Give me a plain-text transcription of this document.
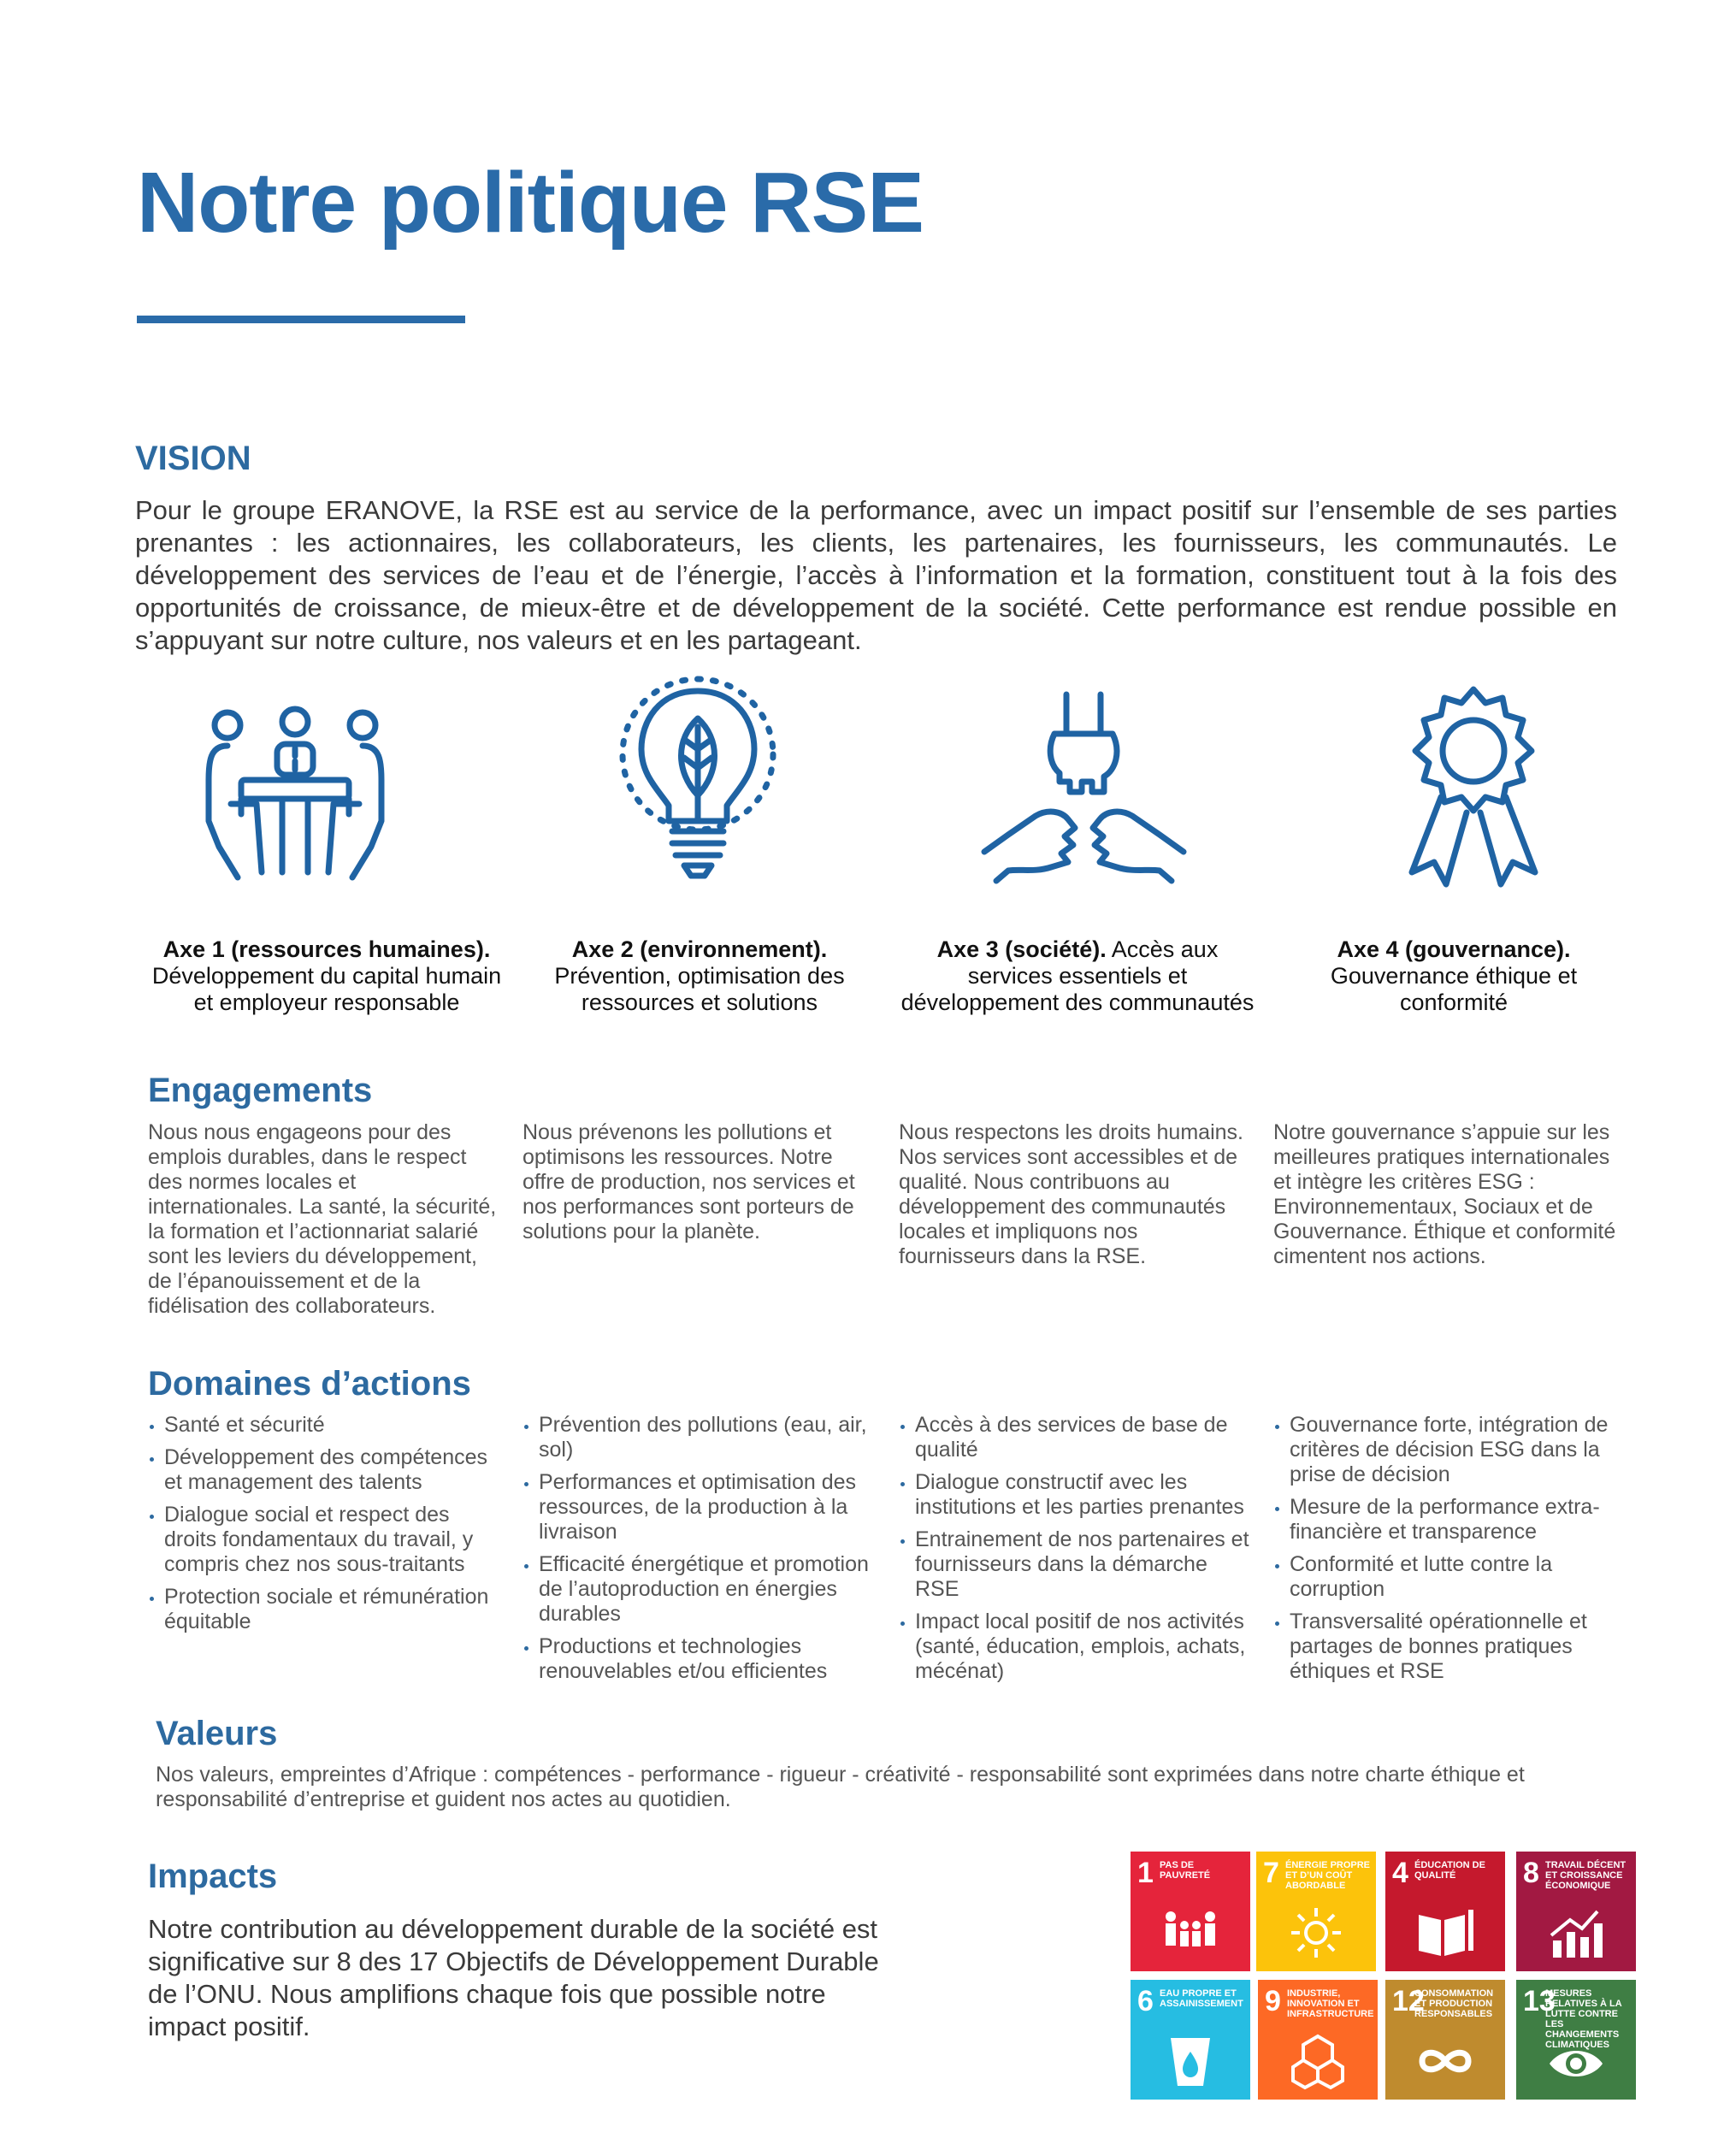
Notre politique RSE
VISION

Pour le groupe ERANOVE, la RSE est au service de la performance, avec un impact positif sur l’ensemble de ses parties prenantes : les actionnaires, les collaborateurs, les clients, les partenaires, les fournisseurs, les communautés. Le développement des services de l’eau et de l’énergie, l’accès à l’information et la formation, constituent tout à la fois des opportunités de croissance, de mieux-être et de développement de la société. Cette performance est rendue possible en s’appuyant sur notre culture, nos valeurs et en les partageant.

Axe 1 (ressources humaines). Développement du capital humain et employeur responsable

Axe 2 (environnement). Prévention, optimisation des ressources et solutions

Axe 3 (société). Accès aux services essentiels et développement des communautés

Axe 4 (gouvernance). Gouvernance éthique et conformité

Engagements

Nous nous engageons pour des emplois durables, dans le respect des normes locales et internationales. La santé, la sécurité, la formation et l’actionnariat salarié sont les leviers du développement, de l’épanouissement et de la fidélisation des collaborateurs.

Nous prévenons les pollutions et optimisons les ressources. Notre offre de production, nos services et nos performances sont porteurs de solutions pour la planète.

Nous respectons les droits humains. Nos services sont accessibles et de qualité. Nous contribuons au développement des communautés locales et impliquons nos fournisseurs dans la RSE.

Notre gouvernance s’appuie sur les meilleures pratiques internationales et intègre les critères ESG : Environnementaux, Sociaux et de Gouvernance. Éthique et conformité cimentent nos actions.

Domaines d’actions
Santé et sécurité
Développement des compétences et management des talents
Dialogue social et respect des droits fondamentaux du travail, y compris chez nos sous-traitants
Protection sociale et rémunération équitable
Prévention des pollutions (eau, air, sol)
Performances et optimisation des ressources, de la production à la livraison
Efficacité énergétique et promotion de l’autoproduction en énergies durables
Productions et technologies renouvelables et/ou efficientes
Accès à des services de base de qualité
Dialogue constructif avec les institutions et les parties prenantes
Entrainement de nos partenaires et fournisseurs dans la démarche RSE
Impact local positif de nos activités (santé, éducation, emplois, achats, mécénat)
Gouvernance forte, intégration de critères de décision ESG dans la prise de décision
Mesure de la performance extra-financière et transparence
Conformité et lutte contre la corruption
Transversalité opérationnelle et partages de bonnes pratiques éthiques et RSE
Valeurs

Nos valeurs, empreintes d’Afrique : compétences - performance - rigueur - créativité - responsabilité sont exprimées dans notre charte éthique et responsabilité d’entreprise et guident nos actes au quotidien.

Impacts

Notre contribution au développement durable de la société est significative sur 8 des 17 Objectifs de Développement Durable de l’ONU. Nous amplifions chaque fois que possible notre impact positif.

1 PAS DE PAUVRETÉ	7 ÉNERGIE PROPRE ET D’UN COÛT ABORDABLE	4 ÉDUCATION DE QUALITÉ	8 TRAVAIL DÉCENT ET CROISSANCE ÉCONOMIQUE
6 EAU PROPRE ET ASSAINISSEMENT 9 INDUSTRIE, INNOVATION ET INFRASTRUCTURE 12
CONSOMMATION ET PRODUCTION RESPONSABLES 13
MESURES RELATIVES À LA LUTTE CONTRE LES CHANGEMENTS CLIMATIQUES
